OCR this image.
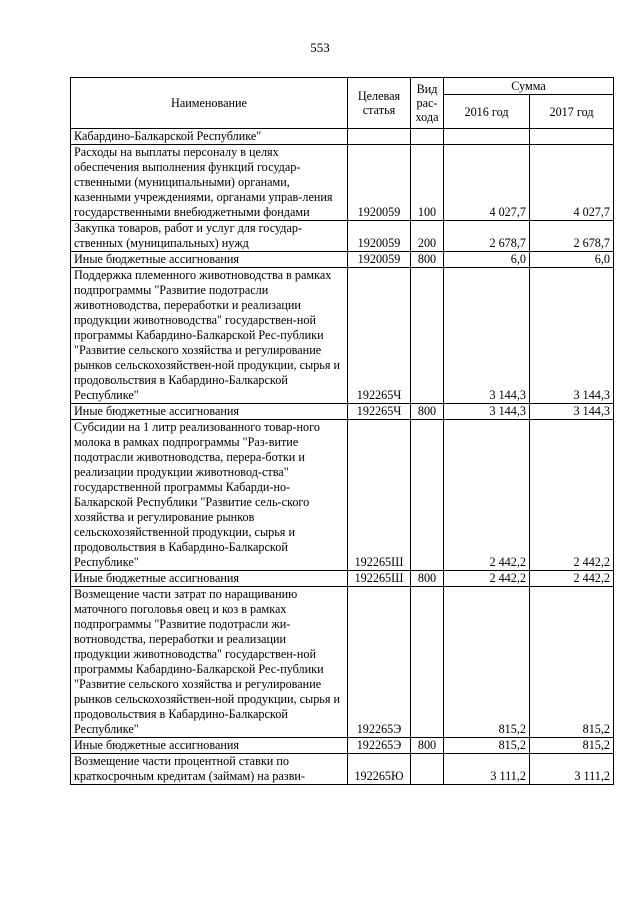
553
Наименование	Целевая статья	Вид рас-хода	Сумма	
			2016 год	2017 год
Кабардино-Балкарской Республике"				
Расходы на выплаты персоналу в целях обеспечения выполнения функций государ-ственными (муниципальными) органами, казенными учреждениями, органами управ-ления государственными внебюджетными фондами	1920059	100	4 027,7	4 027,7
Закупка товаров, работ и услуг для государ-ственных (муниципальных) нужд	1920059	200	2 678,7	2 678,7
Иные бюджетные ассигнования	1920059	800	6,0	6,0
Поддержка племенного животноводства в рамках подпрограммы "Развитие подотрасли животноводства, переработки и реализации продукции животноводства" государствен-ной программы Кабардино-Балкарской Рес-публики "Развитие сельского хозяйства и регулирование рынков сельскохозяйствен-ной продукции, сырья и продовольствия в Кабардино-Балкарской Республике"	192265Ч		3 144,3	3 144,3
Иные бюджетные ассигнования	192265Ч	800	3 144,3	3 144,3
Субсидии на 1 литр реализованного товар-ного молока в рамках подпрограммы "Раз-витие подотрасли животноводства, перера-ботки и реализации продукции животновод-ства" государственной программы Кабарди-но-Балкарской Республики "Развитие сель-ского хозяйства и регулирование рынков сельскохозяйственной продукции, сырья и продовольствия в Кабардино-Балкарской Республике"	192265Ш		2 442,2	2 442,2
Иные бюджетные ассигнования	192265Ш	800	2 442,2	2 442,2
Возмещение части затрат по наращиванию маточного поголовья овец и коз в рамках подпрограммы "Развитие подотрасли жи-вотноводства, переработки и реализации продукции животноводства" государствен-ной программы Кабардино-Балкарской Рес-публики "Развитие сельского хозяйства и регулирование рынков сельскохозяйствен-ной продукции, сырья и продовольствия в Кабардино-Балкарской Республике"	192265Э		815,2	815,2
Иные бюджетные ассигнования	192265Э	800	815,2	815,2
Возмещение части процентной ставки по краткосрочным кредитам (займам) на разви-	192265Ю		3 111,2	3 111,2
